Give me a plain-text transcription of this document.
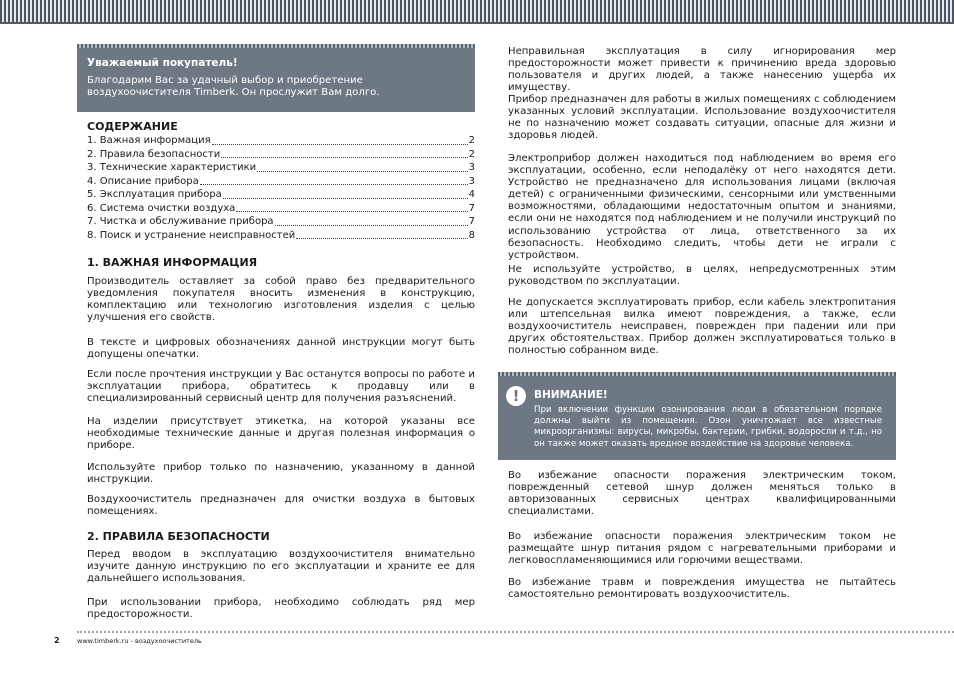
Уважаемый покупатель!
Благодарим Вас за удачный выбор и приобретение воздухоочистителя Timberk. Он прослужит Вам долго.
СОДЕРЖАНИЕ
1. Важная информация	2
2. Правила безопасности	2
3. Технические характеристики	3
4. Описание прибора	3
5. Эксплуатация прибора	4
6. Система очистки воздуха	7
7. Чистка и обслуживание прибора	7
8. Поиск и устранение неисправностей	8
1. ВАЖНАЯ ИНФОРМАЦИЯ

Производитель оставляет за собой право без предварительного уведомления покупателя вносить изменения в конструкцию, комплектацию или технологию изготовления изделия с целью улучшения его свойств.

В тексте и цифровых обозначениях данной инструкции могут быть допущены опечатки.

Если после прочтения инструкции у Вас останутся вопросы по работе и эксплуатации прибора, обратитесь к продавцу или в специализированный сервисный центр для получения разъяснений.

На изделии присутствует этикетка, на которой указаны все необходимые технические данные и другая полезная информация о приборе.

Используйте прибор только по назначению, указанному в данной инструкции.

Воздухоочиститель предназначен для очистки воздуха в бытовых помещениях.

2. ПРАВИЛА БЕЗОПАСНОСТИ

Перед вводом в эксплуатацию воздухоочистителя внимательно изучите данную инструкцию по его эксплуатации и храните ее для дальнейшего использования.

При использовании прибора, необходимо соблюдать ряд мер предосторожности.

Неправильная эксплуатация в силу игнорирования мер предосторожности может привести к причинению вреда здоровью пользователя и других людей, а также нанесению ущерба их имуществу.

Прибор предназначен для работы в жилых помещениях с соблюдением указанных условий эксплуатации. Использование воздухоочистителя не по назначению может создавать ситуации, опасные для жизни и здоровья людей.

Электроприбор должен находиться под наблюдением во время его эксплуатации, особенно, если неподалёку от него находятся дети. Устройство не предназначено для использования лицами (включая детей) с ограниченными физическими, сенсорными или умственными возможностями, обладающими недостаточным опытом и знаниями, если они не находятся под наблюдением и не получили инструкций по использованию устройства от лица, ответственного за их безопасность. Необходимо следить, чтобы дети не играли с устройством.

Не используйте устройство, в целях, непредусмотренных этим руководством по эксплуатации.

Не допускается эксплуатировать прибор, если кабель электропитания или штепсельная вилка имеют повреждения, а также, если воздухоочиститель неисправен, поврежден при падении или при других обстоятельствах. Прибор должен эксплуатироваться только в полностью собранном виде.

!	ВНИМАНИЕ!
При включении функции озонирования люди в обязательном порядке должны выйти из помещения. Озон уничтожает все известные микроорганизмы: вирусы, микробы, бактерии, грибки, водоросли и т.д., но он также может оказать вредное воздействие на здоровье человека.

Во избежание опасности поражения электрическим током, поврежденный сетевой шнур должен меняться только в авторизованных сервисных центрах квалифицированными специалистами.

Во избежание опасности поражения электрическим током не размещайте шнур питания рядом с нагревательными приборами и легковоспламеняющимися или горючими веществами.

Во избежание травм и повреждения имущества не пытайтесь самостоятельно ремонтировать воздухоочиститель.

2	www.timberk.ru - воздухоочиститель
